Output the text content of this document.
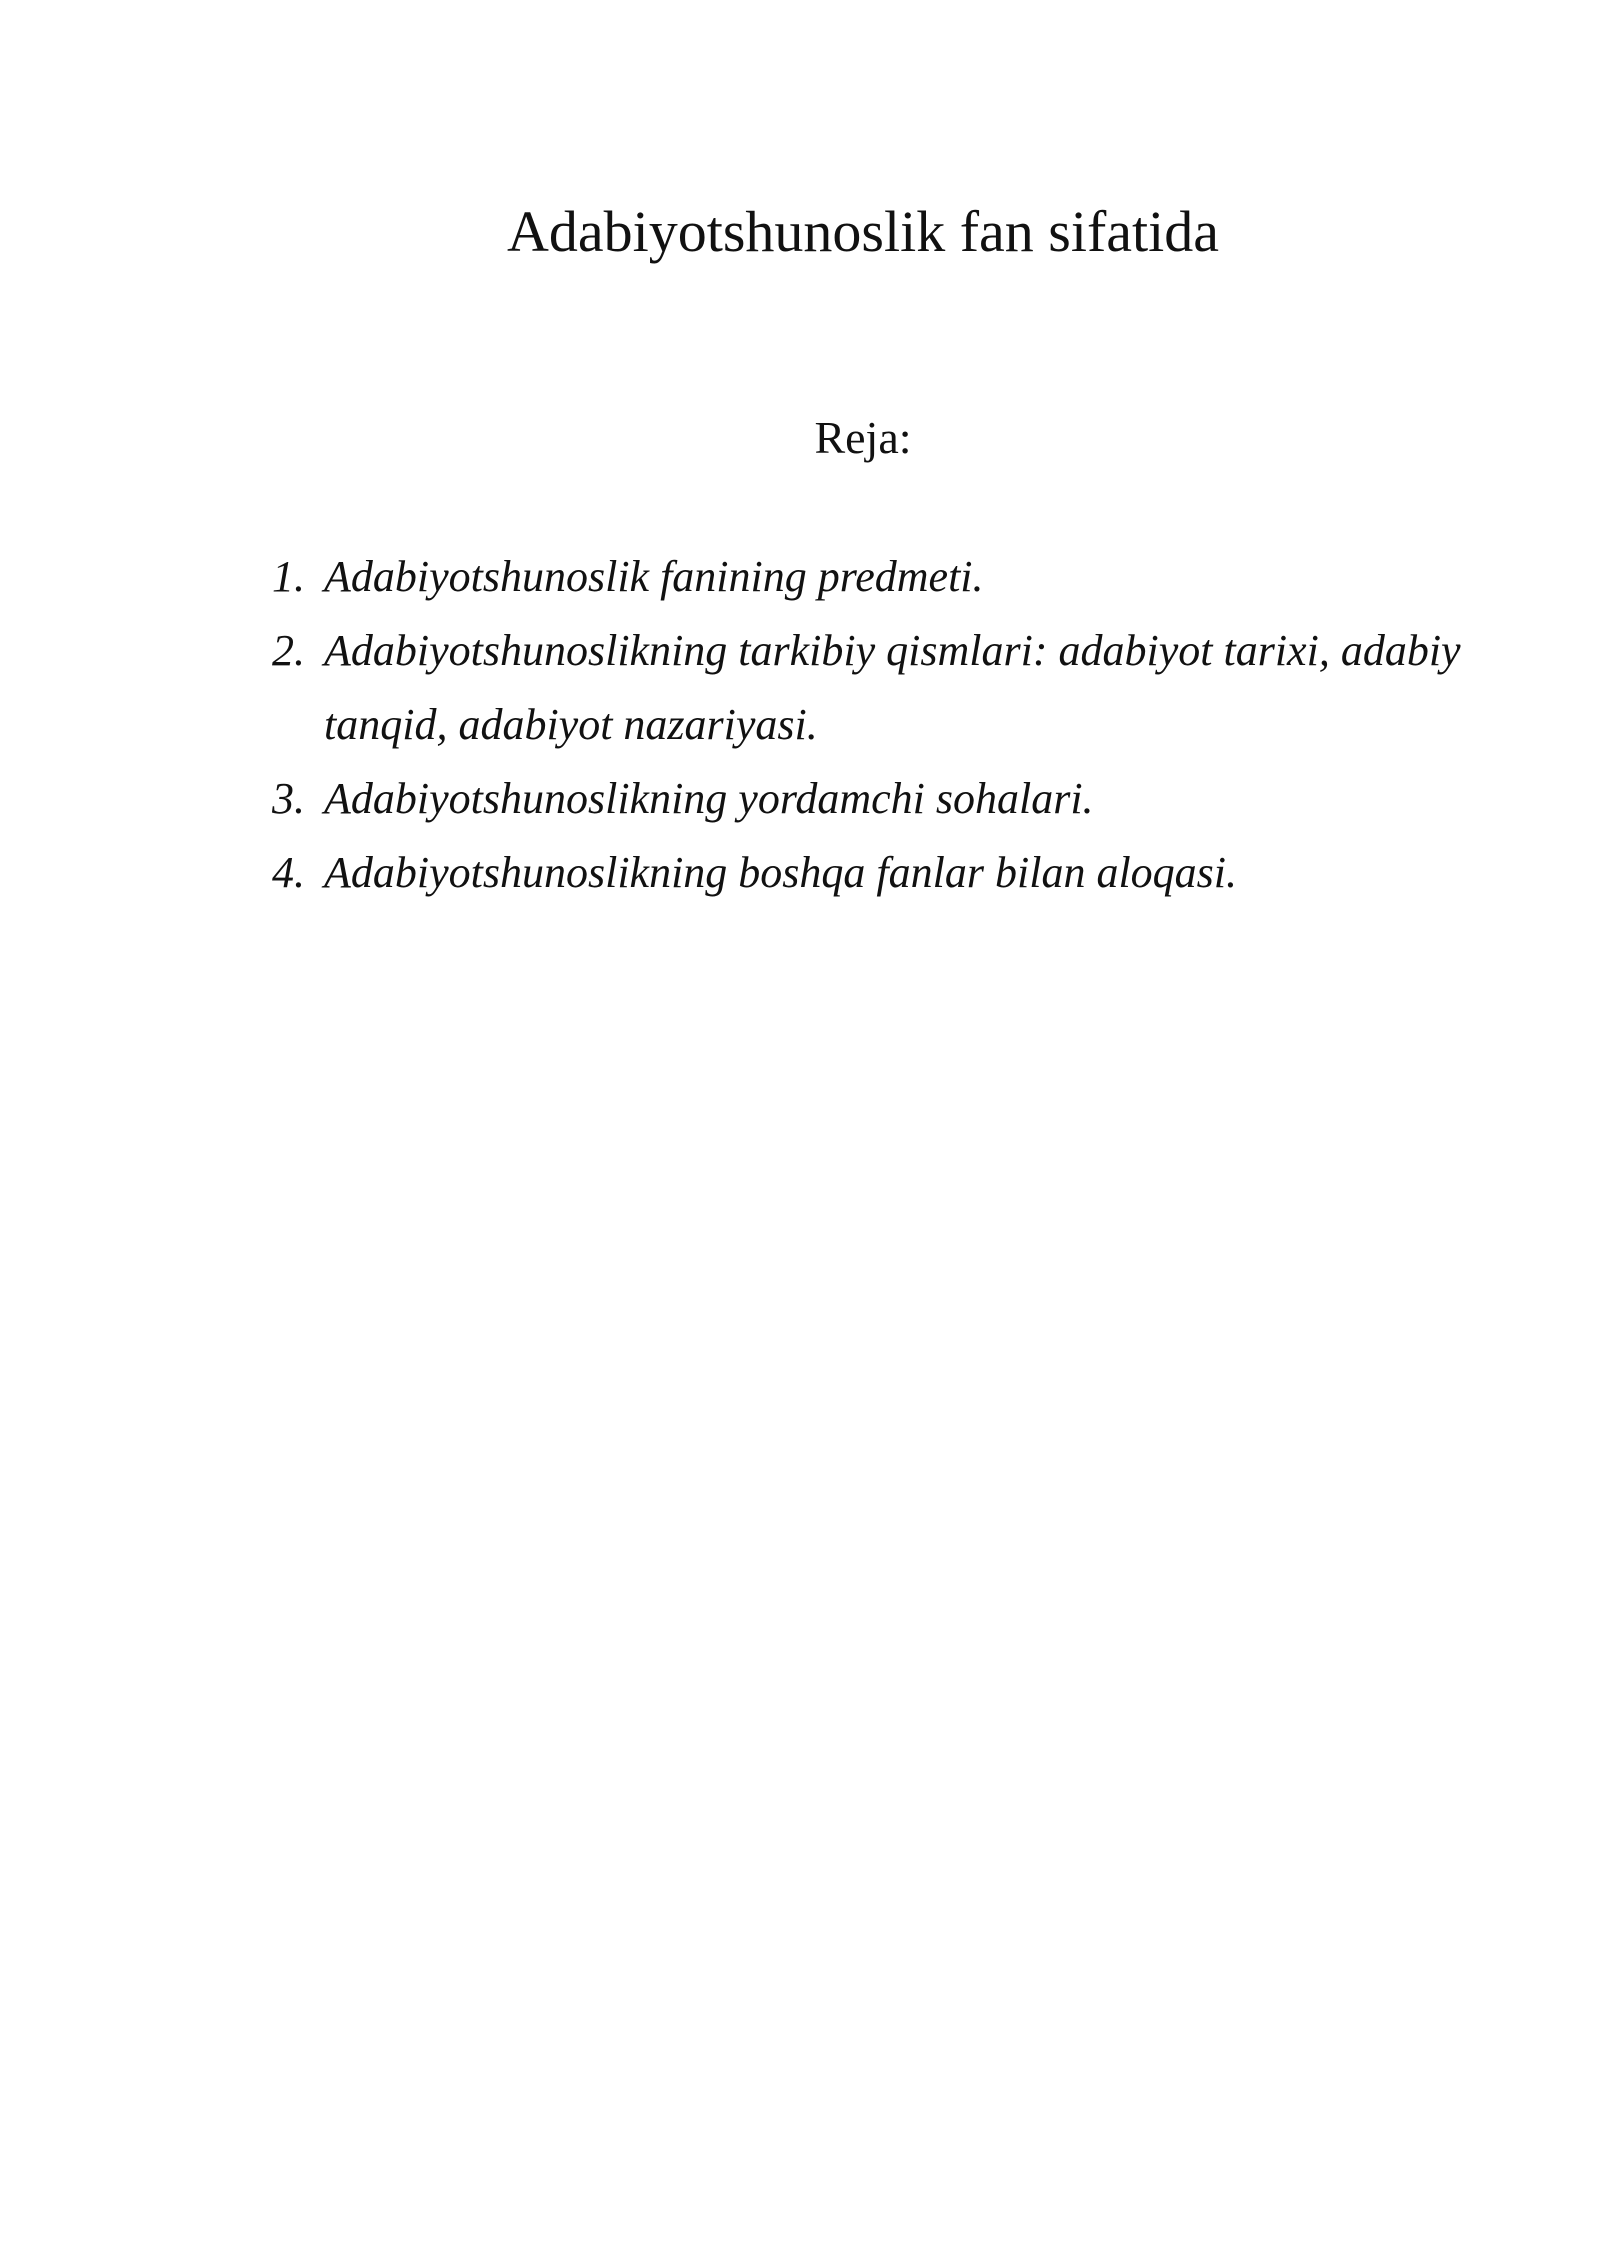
Adabiyotshunoslik fan sifatida

Reja:

1. Adabiyotshunoslik fanining predmeti.
2. Adabiyotshunoslikning tarkibiy qismlari: adabiyot tarixi, adabiy tanqid, adabiyot nazariyasi.
3. Adabiyotshunoslikning yordamchi sohalari.
4. Adabiyotshunoslikning boshqa fanlar bilan aloqasi.
